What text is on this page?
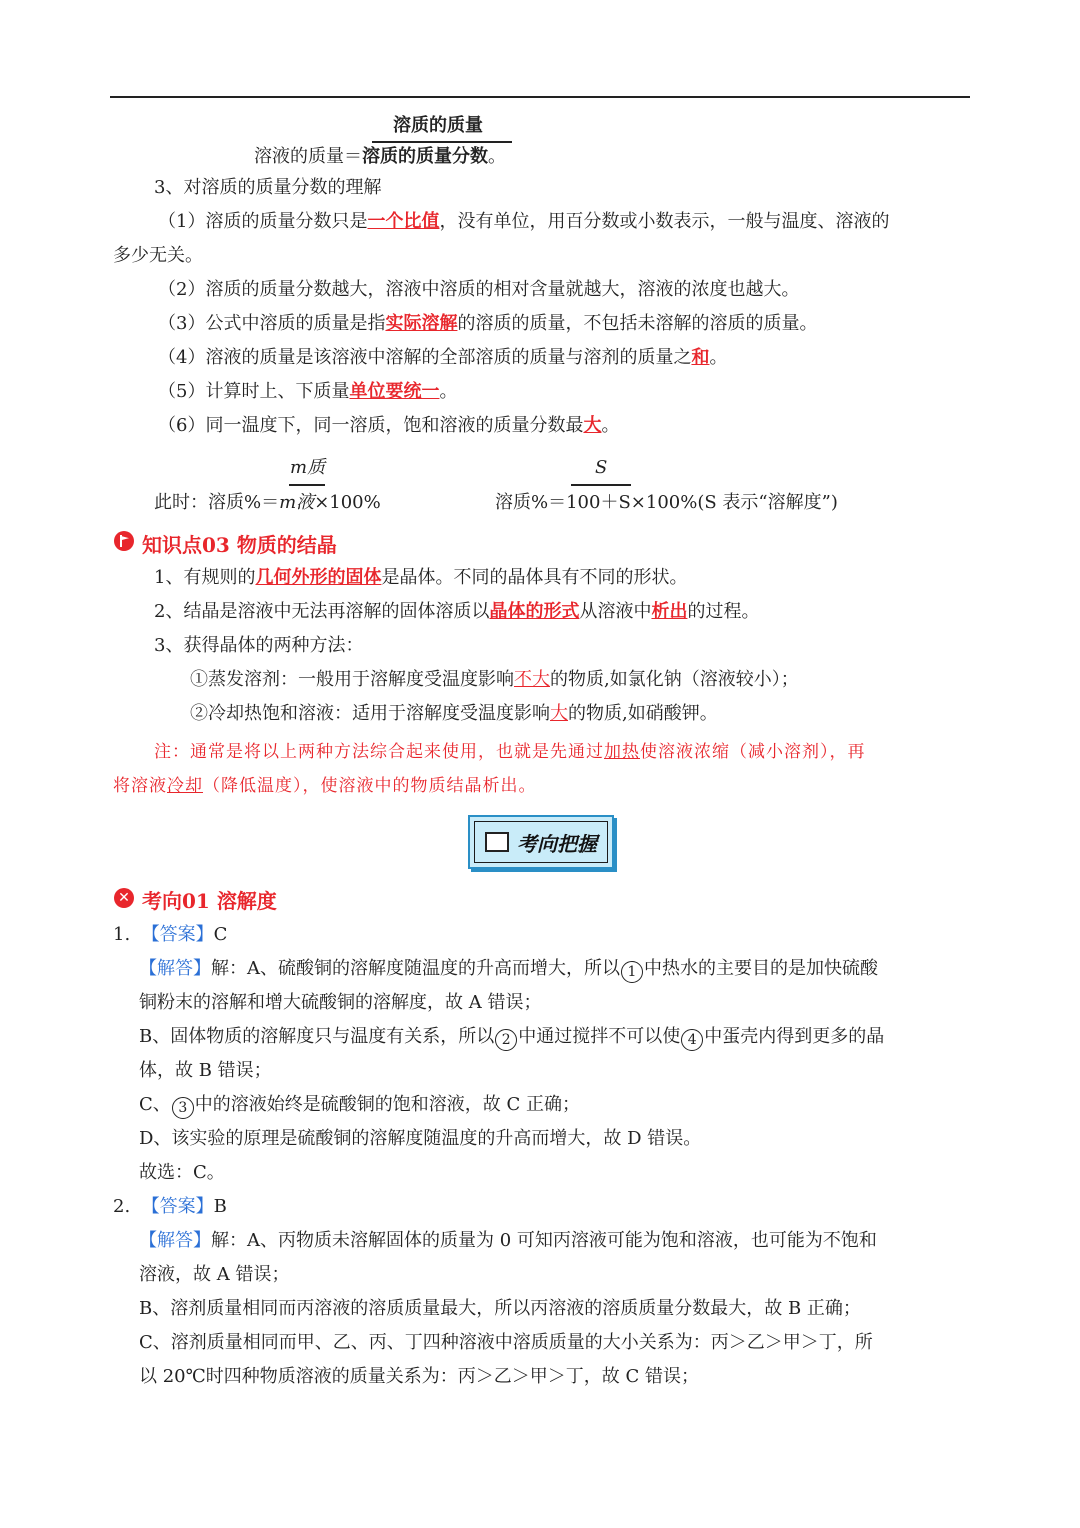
溶质的质量
溶液的质量＝溶质的质量分数。
3、对溶质的质量分数的理解
（1）溶质的质量分数只是一个比值，没有单位，用百分数或小数表示，一般与温度、溶液的
多少无关。
（2）溶质的质量分数越大，溶液中溶质的相对含量就越大，溶液的浓度也越大。
（3）公式中溶质的质量是指实际溶解的溶质的质量，不包括未溶解的溶质的质量。
（4）溶液的质量是该溶液中溶解的全部溶质的质量与溶剂的质量之和。
（5）计算时上、下质量单位要统一。
（6）同一温度下，同一溶质，饱和溶液的质量分数最大。
m质
此时：溶质%＝m液×100%
S
溶质%＝100＋S×100%(S 表示“溶解度”)
知识点03 物质的结晶
1、有规则的几何外形的固体是晶体。不同的晶体具有不同的形状。
2、结晶是溶液中无法再溶解的固体溶质以晶体的形式从溶液中析出的过程。
3、获得晶体的两种方法：
①蒸发溶剂：一般用于溶解度受温度影响不大的物质,如氯化钠（溶液较小）；
②冷却热饱和溶液：适用于溶解度受温度影响大的物质,如硝酸钾。
注：通常是将以上两种方法综合起来使用，也就是先通过加热使溶液浓缩（减小溶剂），再
将溶液冷却（降低温度），使溶液中的物质结晶析出。
考向把握
✕ 考向01 溶解度
1. 【答案】C
【解答】解：A、硫酸铜的溶解度随温度的升高而增大，所以 1 中热水的主要目的是加快硫酸
铜粉末的溶解和增大硫酸铜的溶解度，故 A 错误；
B、固体物质的溶解度只与温度有关系，所以 2 中通过搅拌不可以使 4 中蛋壳内得到更多的晶
体，故 B 错误；
C、 3 中的溶液始终是硫酸铜的饱和溶液，故 C 正确；
D、该实验的原理是硫酸铜的溶解度随温度的升高而增大，故 D 错误。
故选：C。
2. 【答案】B
【解答】解：A、丙物质未溶解固体的质量为 0 可知丙溶液可能为饱和溶液，也可能为不饱和
溶液，故 A 错误；
B、溶剂质量相同而丙溶液的溶质质量最大，所以丙溶液的溶质质量分数最大，故 B 正确；
C、溶剂质量相同而甲、乙、丙、丁四种溶液中溶质质量的大小关系为：丙＞乙＞甲＞丁，所
以 20℃时四种物质溶液的质量关系为：丙＞乙＞甲＞丁，故 C 错误；
